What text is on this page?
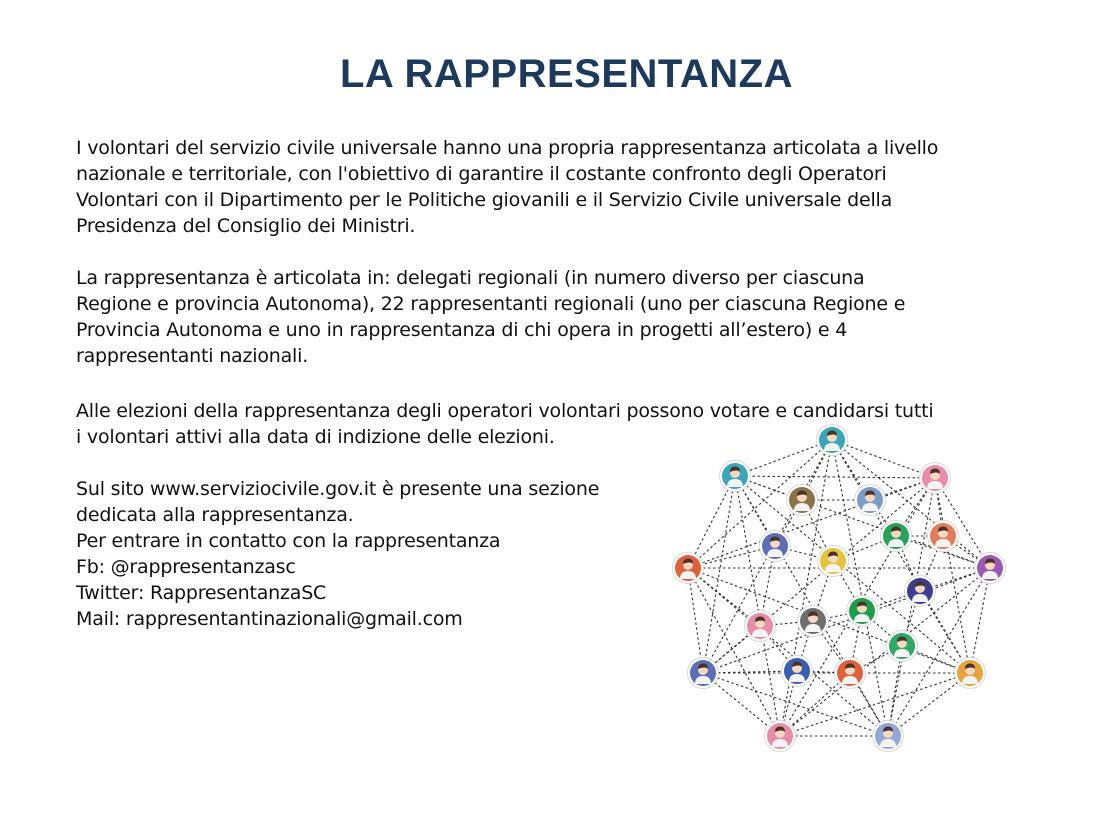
LA RAPPRESENTANZA

I volontari del servizio civile universale hanno una propria rappresentanza articolata a livello
nazionale e territoriale, con l'obiettivo di garantire il costante confronto degli Operatori
Volontari con il Dipartimento per le Politiche giovanili e il Servizio Civile universale della
Presidenza del Consiglio dei Ministri.

La rappresentanza è articolata in: delegati regionali (in numero diverso per ciascuna
Regione e provincia Autonoma), 22 rappresentanti regionali (uno per ciascuna Regione e
Provincia Autonoma e uno in rappresentanza di chi opera in progetti all’estero) e 4
rappresentanti nazionali.

Alle elezioni della rappresentanza degli operatori volontari possono votare e candidarsi tutti
i volontari attivi alla data di indizione delle elezioni.

Sul sito www.serviziocivile.gov.it è presente una sezione
dedicata alla rappresentanza.
Per entrare in contatto con la rappresentanza
Fb: @rappresentanzasc
Twitter: RappresentanzaSC
Mail: rappresentantinazionali@gmail.com
